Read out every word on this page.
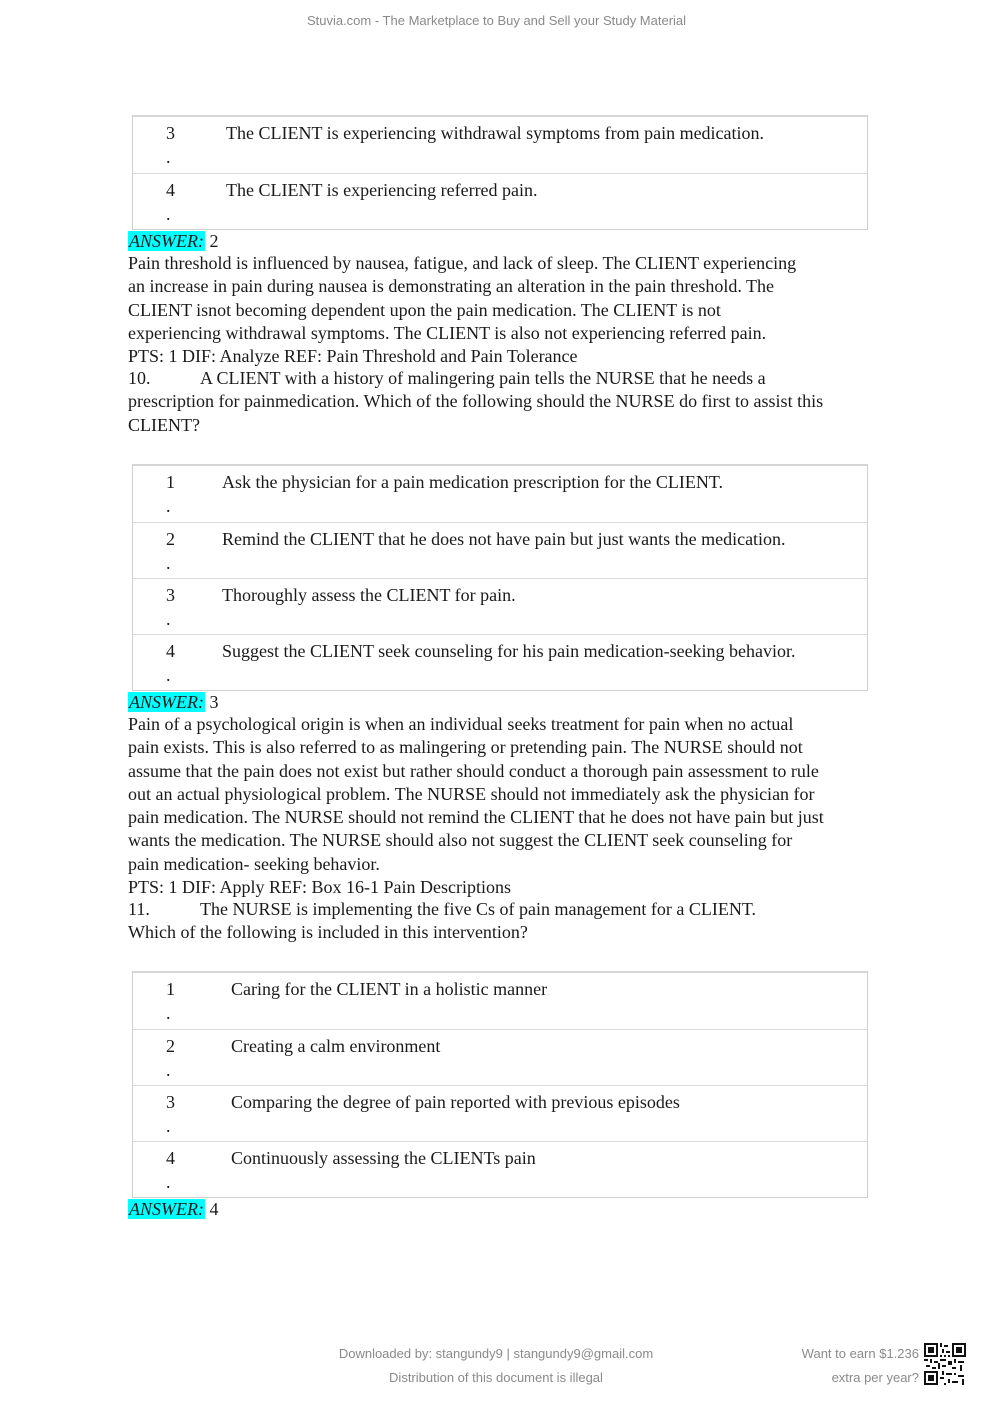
Stuvia.com - The Marketplace to Buy and Sell your Study Material
3
.
The CLIENT is experiencing withdrawal symptoms from pain medication.
4
.
The CLIENT is experiencing referred pain.
ANSWER: 2
Pain threshold is influenced by nausea, fatigue, and lack of sleep. The CLIENT experiencing
an increase in pain during nausea is demonstrating an alteration in the pain threshold. The
CLIENT isnot becoming dependent upon the pain medication. The CLIENT is not
experiencing withdrawal symptoms. The CLIENT is also not experiencing referred pain.
PTS: 1 DIF: Analyze REF: Pain Threshold and Pain Tolerance
10.	A CLIENT with a history of malingering pain tells the NURSE that he needs a
prescription for painmedication. Which of the following should the NURSE do first to assist this
CLIENT?
1
.
Ask the physician for a pain medication prescription for the CLIENT.
2
.
Remind the CLIENT that he does not have pain but just wants the medication.
3
.
Thoroughly assess the CLIENT for pain.
4
.
Suggest the CLIENT seek counseling for his pain medication-seeking behavior.
ANSWER: 3
Pain of a psychological origin is when an individual seeks treatment for pain when no actual
pain exists. This is also referred to as malingering or pretending pain. The NURSE should not
assume that the pain does not exist but rather should conduct a thorough pain assessment to rule
out an actual physiological problem. The NURSE should not immediately ask the physician for
pain medication. The NURSE should not remind the CLIENT that he does not have pain but just
wants the medication. The NURSE should also not suggest the CLIENT seek counseling for
pain medication- seeking behavior.
PTS: 1 DIF: Apply REF: Box 16-1 Pain Descriptions
11.	The NURSE is implementing the five Cs of pain management for a CLIENT.
Which of the following is included in this intervention?
1
.
Caring for the CLIENT in a holistic manner
2
.
Creating a calm environment
3
.
Comparing the degree of pain reported with previous episodes
4
.
Continuously assessing the CLIENTs pain
ANSWER: 4
Downloaded by: stangundy9 | stangundy9@gmail.com
Distribution of this document is illegal
Want to earn $1.236
extra per year?
